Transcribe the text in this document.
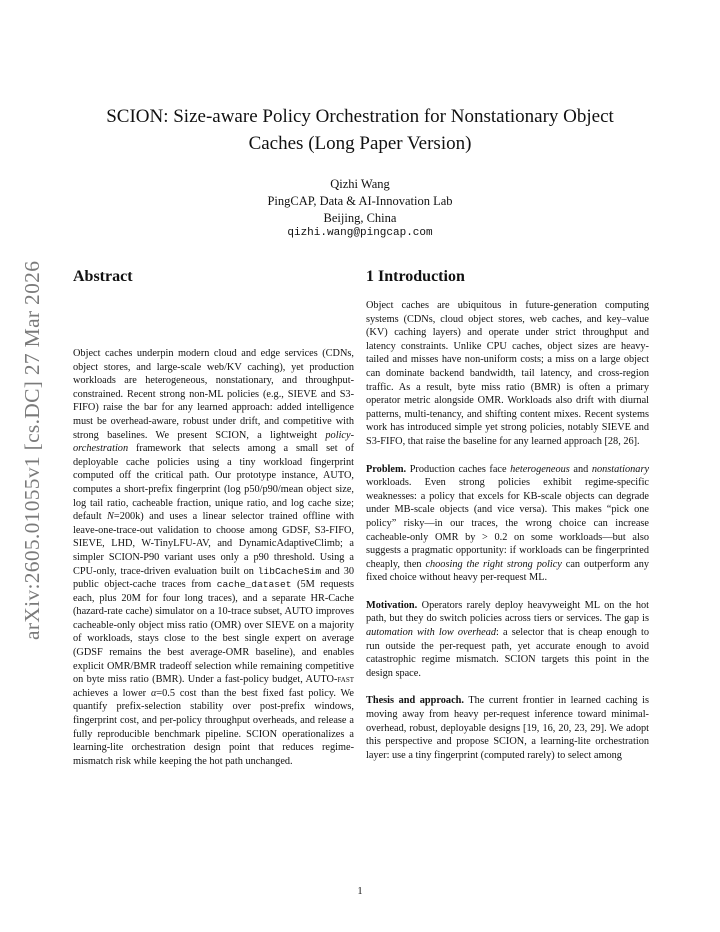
arXiv:2605.01055v1 [cs.DC] 27 Mar 2026
SCION: Size-aware Policy Orchestration for Nonstationary Object
Caches (Long Paper Version)
Qizhi Wang
PingCAP, Data & AI-Innovation Lab
Beijing, China
qizhi.wang@pingcap.com
Abstract

Object caches underpin modern cloud and edge services (CDNs, object stores, and large-scale web/KV caching), yet production workloads are heterogeneous, nonstationary, and throughput-constrained. Recent strong non-ML policies (e.g., SIEVE and S3-FIFO) raise the bar for any learned approach: added intelligence must be overhead-aware, robust under drift, and competitive with strong baselines. We present SCION, a lightweight policy-orchestration framework that selects among a small set of deployable cache policies using a tiny workload fingerprint computed off the critical path. Our prototype instance, AUTO, computes a short-prefix fingerprint (log p50/p90/mean object size, log tail ratio, cacheable fraction, unique ratio, and log cache size; default N=200k) and uses a linear selector trained offline with leave-one-trace-out validation to choose among GDSF, S3-FIFO, SIEVE, LHD, W-TinyLFU-AV, and DynamicAdaptiveClimb; a simpler SCION-P90 variant uses only a p90 threshold. Using a CPU-only, trace-driven evaluation built on libCacheSim and 30 public object-cache traces from cache_dataset (5M requests each, plus 20M for four long traces), and a separate HR-Cache (hazard-rate cache) simulator on a 10-trace subset, AUTO improves cacheable-only object miss ratio (OMR) over SIEVE on a majority of workloads, stays close to the best single expert on average (GDSF remains the best average-OMR baseline), and enables explicit OMR/BMR tradeoff selection while remaining competitive on byte miss ratio (BMR). Under a fast-policy budget, AUTO-fast achieves a lower α=0.5 cost than the best fixed fast policy. We quantify prefix-selection stability over post-prefix windows, fingerprint cost, and per-policy throughput overheads, and release a fully reproducible benchmark pipeline. SCION operationalizes a learning-lite orchestration design point that reduces regime-mismatch risk while keeping the hot path unchanged.

1 Introduction

Object caches are ubiquitous in future-generation computing systems (CDNs, cloud object stores, web caches, and key–value (KV) caching layers) and operate under strict throughput and latency constraints. Unlike CPU caches, object sizes are heavy-tailed and misses have non-uniform costs; a miss on a large object can dominate backend bandwidth, tail latency, and cross-region traffic. As a result, byte miss ratio (BMR) is often a primary operator metric alongside OMR. Workloads also drift with diurnal patterns, multi-tenancy, and shifting content mixes. Recent systems work has introduced simple yet strong policies, notably SIEVE and S3-FIFO, that raise the baseline for any learned approach [28, 26].

Problem. Production caches face heterogeneous and nonstationary workloads. Even strong policies exhibit regime-specific weaknesses: a policy that excels for KB-scale objects can degrade under MB-scale objects (and vice versa). This makes “pick one policy” risky—in our traces, the wrong choice can increase cacheable-only OMR by > 0.2 on some workloads—but also suggests a pragmatic opportunity: if workloads can be fingerprinted cheaply, then choosing the right strong policy can outperform any fixed choice without heavy per-request ML.

Motivation. Operators rarely deploy heavyweight ML on the hot path, but they do switch policies across tiers or services. The gap is automation with low overhead: a selector that is cheap enough to run outside the per-request path, yet accurate enough to avoid catastrophic regime mismatch. SCION targets this point in the design space.

Thesis and approach. The current frontier in learned caching is moving away from heavy per-request inference toward minimal-overhead, robust, deployable designs [19, 16, 20, 23, 29]. We adopt this perspective and propose SCION, a learning-lite orchestration layer: use a tiny fingerprint (computed rarely) to select among

1
